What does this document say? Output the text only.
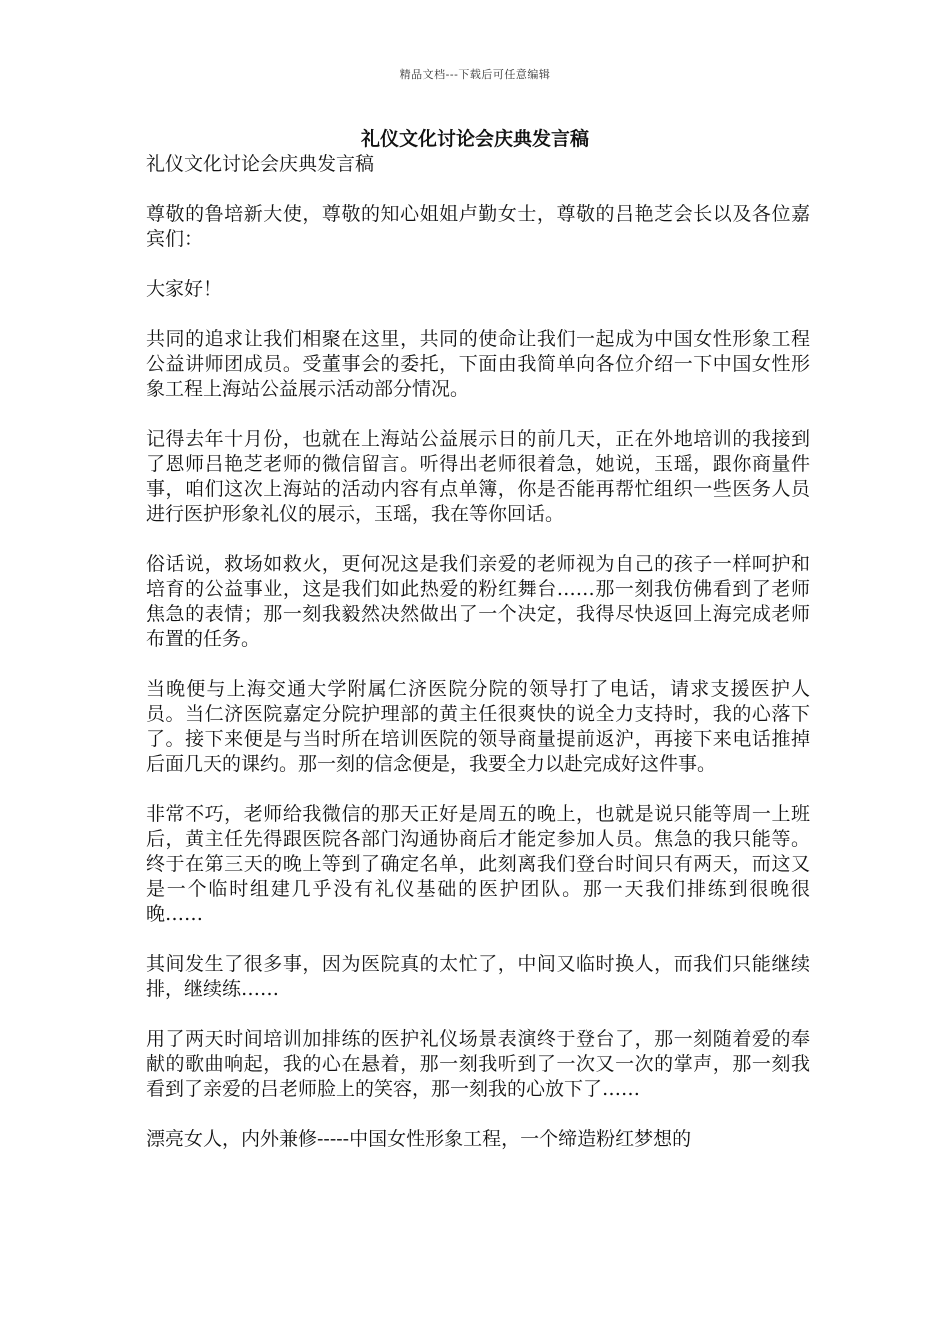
精品文档---下载后可任意编辑
礼仪文化讨论会庆典发言稿

礼仪文化讨论会庆典发言稿

尊敬的鲁培新大使，尊敬的知心姐姐卢勤女士，尊敬的吕艳芝会长以及各位嘉宾们：

大家好！

共同的追求让我们相聚在这里，共同的使命让我们一起成为中国女性形象工程公益讲师团成员。受董事会的委托，下面由我简单向各位介绍一下中国女性形象工程上海站公益展示活动部分情况。

记得去年十月份，也就在上海站公益展示日的前几天，正在外地培训的我接到了恩师吕艳芝老师的微信留言。听得出老师很着急，她说，玉瑶，跟你商量件事，咱们这次上海站的活动内容有点单簿，你是否能再帮忙组织一些医务人员进行医护形象礼仪的展示，玉瑶，我在等你回话。

俗话说，救场如救火，更何况这是我们亲爱的老师视为自己的孩子一样呵护和培育的公益事业，这是我们如此热爱的粉红舞台……那一刻我仿佛看到了老师焦急的表情；那一刻我毅然决然做出了一个决定，我得尽快返回上海完成老师布置的任务。

当晚便与上海交通大学附属仁济医院分院的领导打了电话，请求支援医护人员。当仁济医院嘉定分院护理部的黄主任很爽快的说全力支持时，我的心落下了。接下来便是与当时所在培训医院的领导商量提前返沪，再接下来电话推掉后面几天的课约。那一刻的信念便是，我要全力以赴完成好这件事。

非常不巧，老师给我微信的那天正好是周五的晚上，也就是说只能等周一上班后，黄主任先得跟医院各部门沟通协商后才能定参加人员。焦急的我只能等。终于在第三天的晚上等到了确定名单，此刻离我们登台时间只有两天，而这又是一个临时组建几乎没有礼仪基础的医护团队。那一天我们排练到很晚很晚……

其间发生了很多事，因为医院真的太忙了，中间又临时换人，而我们只能继续排，继续练……

用了两天时间培训加排练的医护礼仪场景表演终于登台了，那一刻随着爱的奉献的歌曲响起，我的心在悬着，那一刻我听到了一次又一次的掌声，那一刻我看到了亲爱的吕老师脸上的笑容，那一刻我的心放下了……

漂亮女人，内外兼修-----中国女性形象工程，一个缔造粉红梦想的
